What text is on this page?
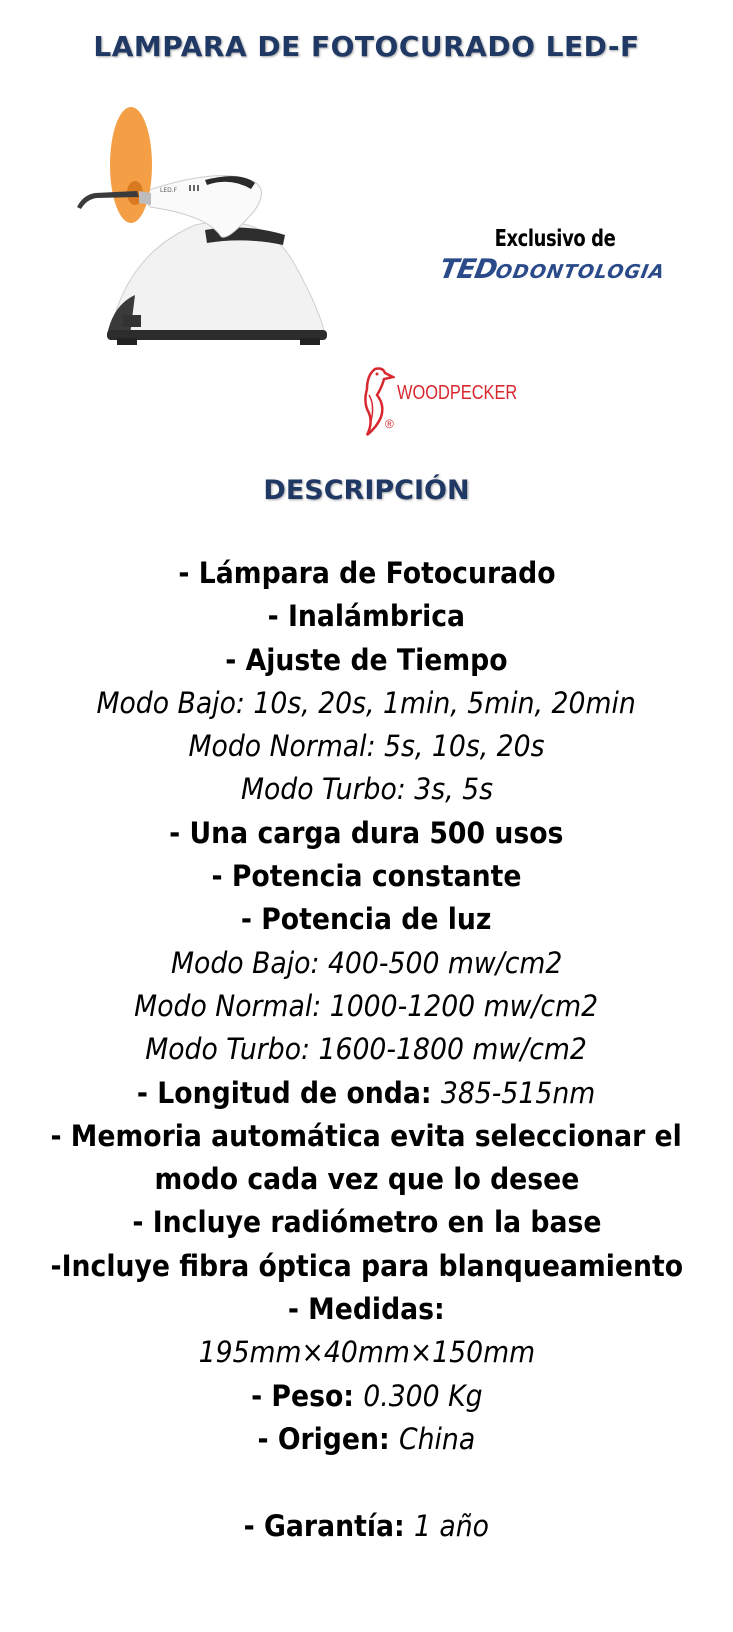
LAMPARA DE FOTOCURADO LED-F
LED.F
Exclusivo de
TEDODONTOLOGIA
WOODPECKER
®
DESCRIPCIÓN
- Lámpara de Fotocurado
- Inalámbrica
- Ajuste de Tiempo
Modo Bajo: 10s, 20s, 1min, 5min, 20min
Modo Normal: 5s, 10s, 20s
Modo Turbo: 3s, 5s
- Una carga dura 500 usos
- Potencia constante
- Potencia de luz
Modo Bajo: 400-500 mw/cm2
Modo Normal: 1000-1200 mw/cm2
Modo Turbo: 1600-1800 mw/cm2
- Longitud de onda: 385-515nm
- Memoria automática evita seleccionar el
modo cada vez que lo desee
- Incluye radiómetro en la base
-Incluye fibra óptica para blanqueamiento
- Medidas:
195mm×40mm×150mm
- Peso: 0.300 Kg
- Origen: China
- Garantía: 1 año
